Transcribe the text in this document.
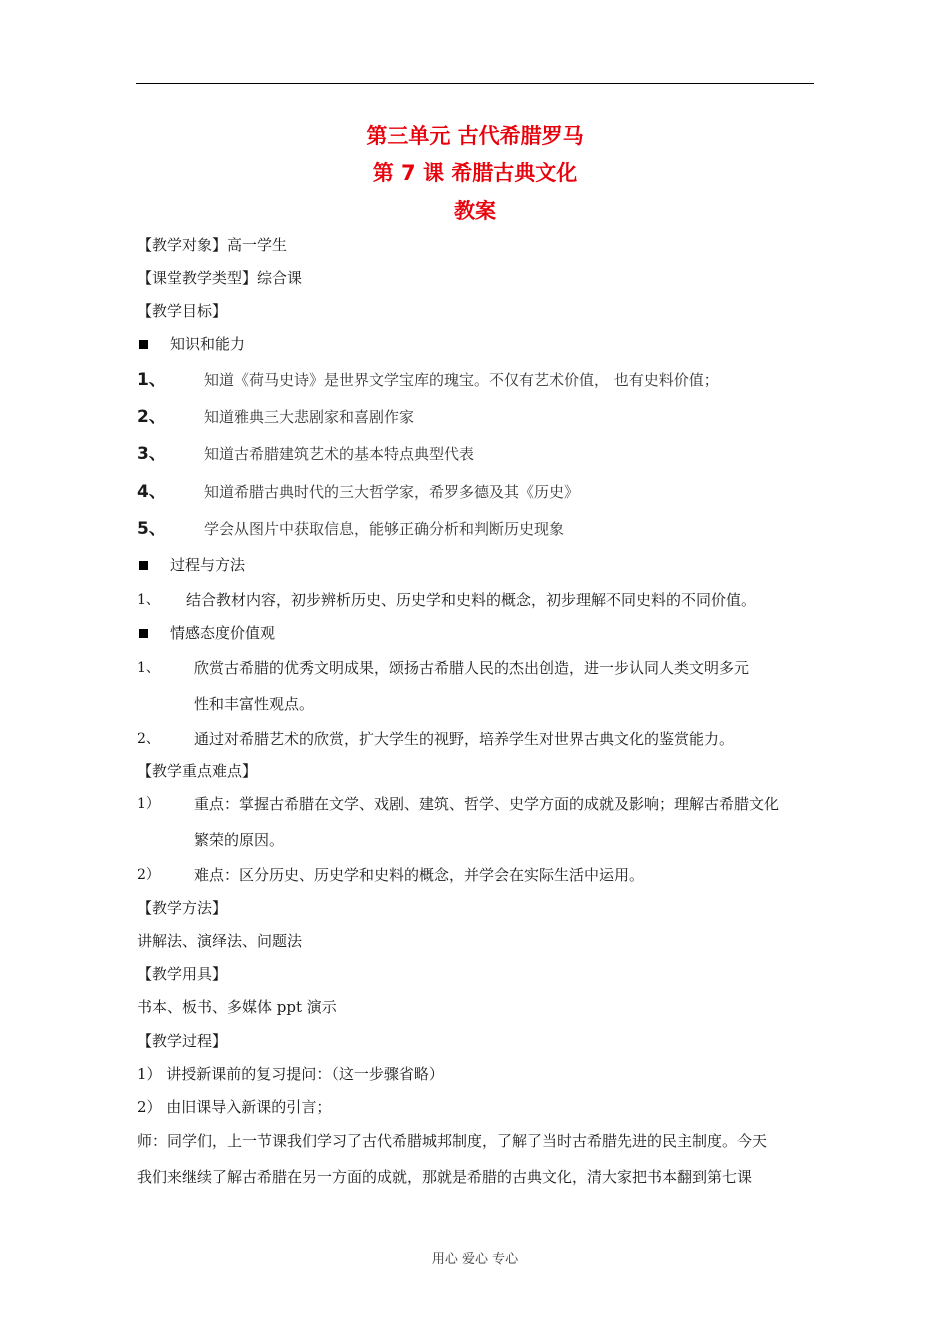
第三单元 古代希腊罗马
第 7 课 希腊古典文化
教案
【教学对象】高一学生
【课堂教学类型】综合课
【教学目标】
知识和能力
1、	知道《荷马史诗》是世界文学宝库的瑰宝。不仅有艺术价值， 也有史料价值；
2、	知道雅典三大悲剧家和喜剧作家
3、	知道古希腊建筑艺术的基本特点典型代表
4、	知道希腊古典时代的三大哲学家，希罗多德及其《历史》
5、	学会从图片中获取信息，能够正确分析和判断历史现象
过程与方法
1、 结合教材内容，初步辨析历史、历史学和史料的概念，初步理解不同史料的不同价值。
情感态度价值观
1、 欣赏古希腊的优秀文明成果，颂扬古希腊人民的杰出创造，进一步认同人类文明多元
性和丰富性观点。
2、 通过对希腊艺术的欣赏，扩大学生的视野，培养学生对世界古典文化的鉴赏能力。
【教学重点难点】
1） 重点：掌握古希腊在文学、戏剧、建筑、哲学、史学方面的成就及影响；理解古希腊文化
繁荣的原因。
2） 难点：区分历史、历史学和史料的概念，并学会在实际生活中运用。
【教学方法】
讲解法、演绎法、问题法
【教学用具】
书本、板书、多媒体 ppt 演示
【教学过程】
1） 讲授新课前的复习提问：（这一步骤省略）
2） 由旧课导入新课的引言；
师：同学们，上一节课我们学习了古代希腊城邦制度，了解了当时古希腊先进的民主制度。今天
我们来继续了解古希腊在另一方面的成就，那就是希腊的古典文化，清大家把书本翻到第七课
用心 爱心 专心
